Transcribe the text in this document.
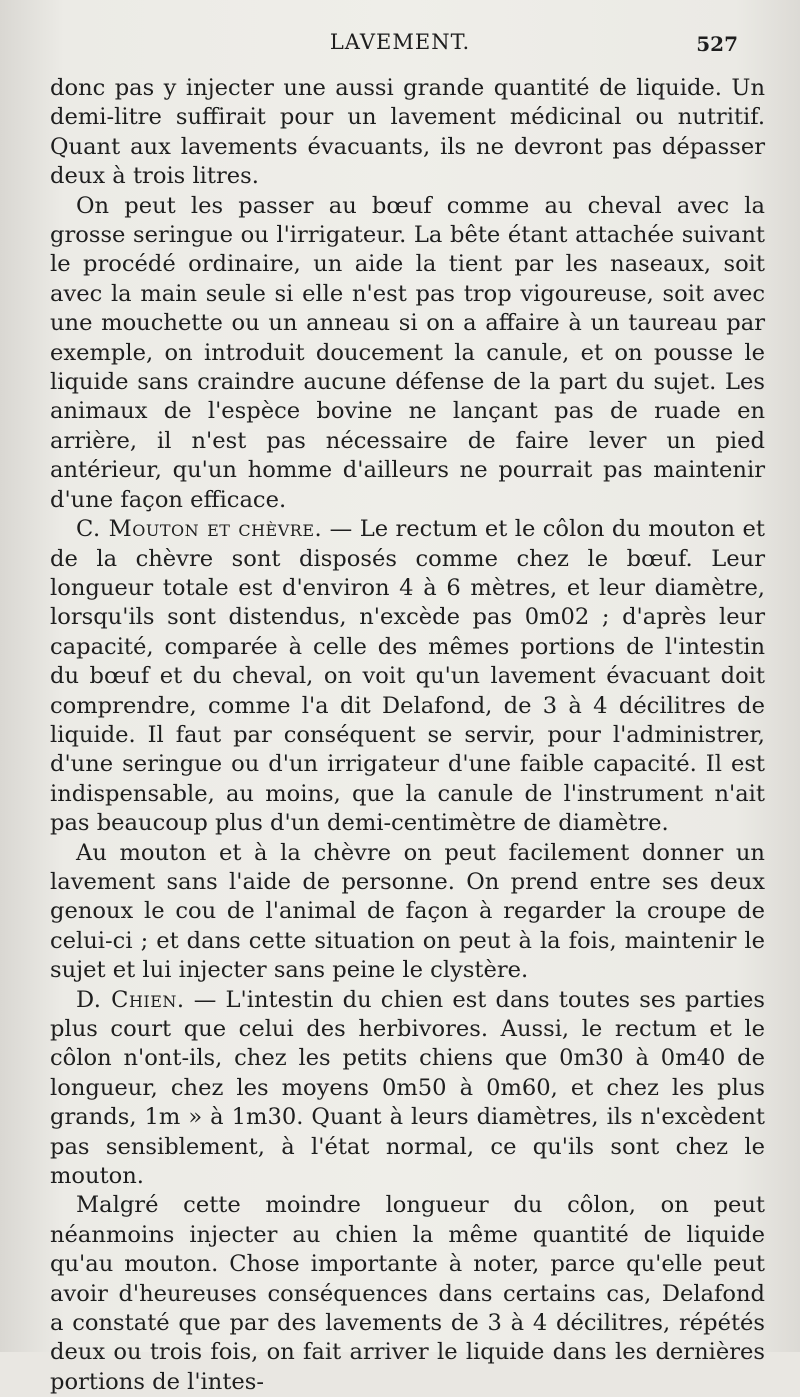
LAVEMENT.	527

donc pas y injecter une aussi grande quantité de liquide. Un demi-litre suffirait pour un lavement médicinal ou nutritif. Quant aux lavements évacuants, ils ne devront pas dépasser deux à trois litres.

On peut les passer au bœuf comme au cheval avec la grosse seringue ou l'irrigateur. La bête étant attachée suivant le procédé ordinaire, un aide la tient par les naseaux, soit avec la main seule si elle n'est pas trop vigoureuse, soit avec une mouchette ou un anneau si on a affaire à un taureau par exemple, on introduit doucement la canule, et on pousse le liquide sans craindre aucune défense de la part du sujet. Les animaux de l'espèce bovine ne lançant pas de ruade en arrière, il n'est pas nécessaire de faire lever un pied antérieur, qu'un homme d'ailleurs ne pourrait pas maintenir d'une façon efficace.

C. Mouton et chèvre. — Le rectum et le côlon du mouton et de la chèvre sont disposés comme chez le bœuf. Leur longueur totale est d'environ 4 à 6 mètres, et leur diamètre, lorsqu'ils sont distendus, n'excède pas 0m02 ; d'après leur capacité, comparée à celle des mêmes portions de l'intestin du bœuf et du cheval, on voit qu'un lavement évacuant doit comprendre, comme l'a dit Delafond, de 3 à 4 décilitres de liquide. Il faut par conséquent se servir, pour l'administrer, d'une seringue ou d'un irrigateur d'une faible capacité. Il est indispensable, au moins, que la canule de l'instrument n'ait pas beaucoup plus d'un demi-centimètre de diamètre.

Au mouton et à la chèvre on peut facilement donner un lavement sans l'aide de personne. On prend entre ses deux genoux le cou de l'animal de façon à regarder la croupe de celui-ci ; et dans cette situation on peut à la fois, maintenir le sujet et lui injecter sans peine le clystère.

D. Chien. — L'intestin du chien est dans toutes ses parties plus court que celui des herbivores. Aussi, le rectum et le côlon n'ont-ils, chez les petits chiens que 0m30 à 0m40 de longueur, chez les moyens 0m50 à 0m60, et chez les plus grands, 1m » à 1m30. Quant à leurs diamètres, ils n'excèdent pas sensiblement, à l'état normal, ce qu'ils sont chez le mouton.

Malgré cette moindre longueur du côlon, on peut néanmoins injecter au chien la même quantité de liquide qu'au mouton. Chose importante à noter, parce qu'elle peut avoir d'heureuses conséquences dans certains cas, Delafond a constaté que par des lavements de 3 à 4 décilitres, répétés deux ou trois fois, on fait arriver le liquide dans les dernières portions de l'intes-
